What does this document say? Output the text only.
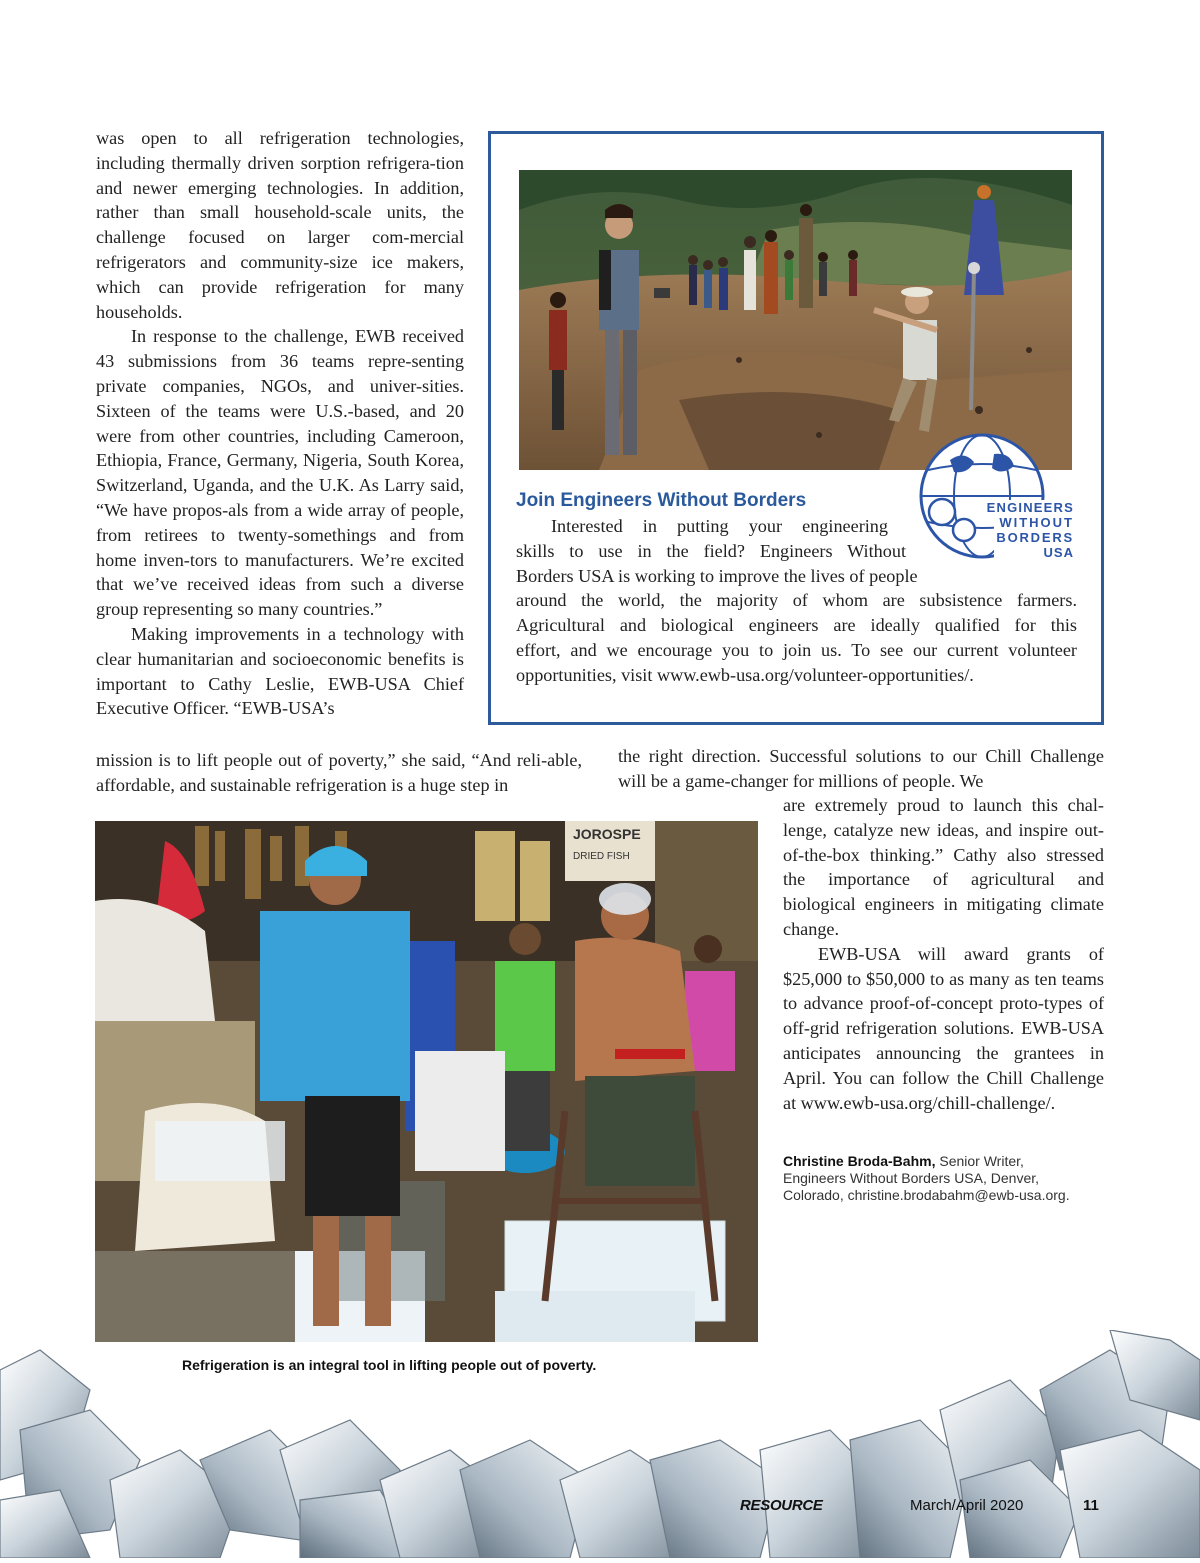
was open to all refrigeration technologies, including thermally driven sorption refrigera-tion and newer emerging technologies. In addition, rather than small household-scale units, the challenge focused on larger com-mercial refrigerators and community-size ice makers, which can provide refrigeration for many households.

In response to the challenge, EWB received 43 submissions from 36 teams repre-senting private companies, NGOs, and univer-sities. Sixteen of the teams were U.S.-based, and 20 were from other countries, including Cameroon, Ethiopia, France, Germany, Nigeria, South Korea, Switzerland, Uganda, and the U.K. As Larry said, “We have propos-als from a wide array of people, from retirees to twenty-somethings and from home inven-tors to manufacturers. We’re excited that we’ve received ideas from such a diverse group representing so many countries.”

Making improvements in a technology with clear humanitarian and socioeconomic benefits is important to Cathy Leslie, EWB-USA Chief Executive Officer. “EWB-USA’s

mission is to lift people out of poverty,” she said, “And reli-able, affordable, and sustainable refrigeration is a huge step in
the right direction. Successful solutions to our Chill Challenge will be a game-changer for millions of people. We

are extremely proud to launch this chal-lenge, catalyze new ideas, and inspire out-of-the-box thinking.” Cathy also stressed the importance of agricultural and biological engineers in mitigating climate change.

EWB-USA will award grants of $25,000 to $50,000 to as many as ten teams to advance proof-of-concept proto-types of off-grid refrigeration solutions. EWB-USA anticipates announcing the grantees in April. You can follow the Chill Challenge at www.ewb-usa.org/chill-challenge/.

Christine Broda-Bahm, Senior Writer, Engineers Without Borders USA, Denver, Colorado, christine.brodabahm@ewb-usa.org.
Join Engineers Without Borders
Interested in putting your engineering
skills to use in the field? Engineers Without
Borders USA is working to improve the lives of people
around the world, the majority of whom are subsistence farmers.
Agricultural and biological engineers are ideally qualified for this
effort, and we encourage you to join us. To see our current volunteer
opportunities, visit www.ewb-usa.org/volunteer-opportunities/.
ENGINEERS
WITHOUT
BORDERS
USA
JOROSPE
DRIED FISH
Refrigeration is an integral tool in lifting people out of poverty.
RESOURCE	March/April 2020	11
